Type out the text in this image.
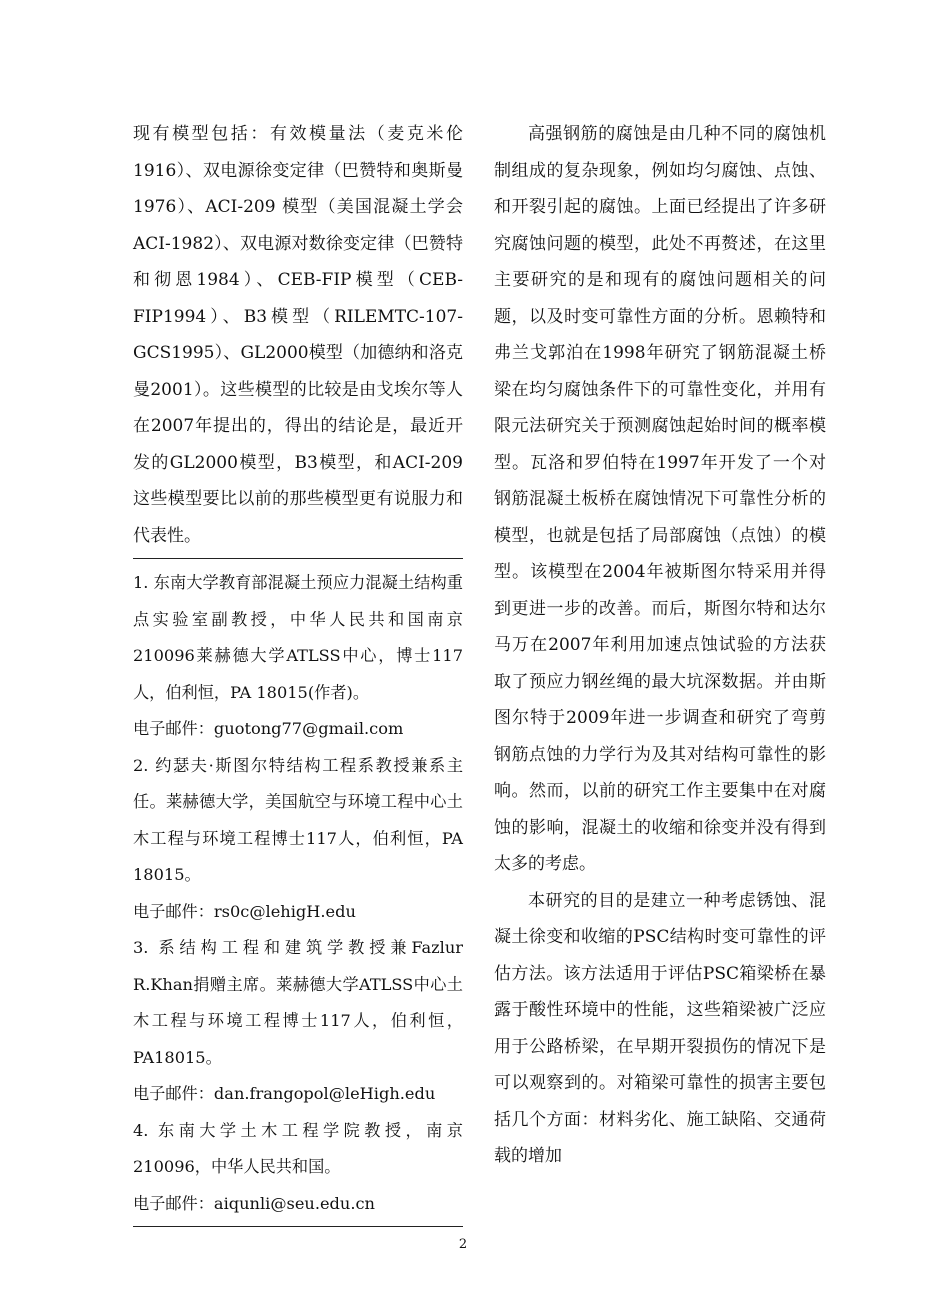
现有模型包括：有效模量法（麦克米伦1916）、双电源徐变定律（巴赞特和奥斯曼1976）、ACI-209 模型（美国混凝土学会ACI-1982）、双电源对数徐变定律（巴赞特和彻恩1984）、CEB-FIP模型（CEB-FIP1994）、B3模型（RILEMTC-107-GCS1995）、GL2000模型（加德纳和洛克曼2001）。这些模型的比较是由戈埃尔等人在2007年提出的，得出的结论是，最近开发的GL2000模型，B3模型，和ACI-209这些模型要比以前的那些模型更有说服力和代表性。

1. 东南大学教育部混凝土预应力混凝土结构重点实验室副教授，中华人民共和国南京210096莱赫德大学ATLSS中心，博士117人，伯利恒，PA 18015(作者)。

电子邮件：guotong77@gmail.com

2. 约瑟夫·斯图尔特结构工程系教授兼系主任。莱赫德大学，美国航空与环境工程中心土木工程与环境工程博士117人，伯利恒，PA 18015。

电子邮件：rs0c@lehigH.edu

3. 系结构工程和建筑学教授兼Fazlur R.Khan捐赠主席。莱赫德大学ATLSS中心土木工程与环境工程博士117人，伯利恒，PA18015。

电子邮件：dan.frangopol@leHigh.edu

4. 东南大学土木工程学院教授，南京210096，中华人民共和国。

电子邮件：aiqunli@seu.edu.cn

高强钢筋的腐蚀是由几种不同的腐蚀机制组成的复杂现象，例如均匀腐蚀、点蚀、和开裂引起的腐蚀。上面已经提出了许多研究腐蚀问题的模型，此处不再赘述，在这里主要研究的是和现有的腐蚀问题相关的问题，以及时变可靠性方面的分析。恩赖特和弗兰戈郭泊在1998年研究了钢筋混凝土桥梁在均匀腐蚀条件下的可靠性变化，并用有限元法研究关于预测腐蚀起始时间的概率模型。瓦洛和罗伯特在1997年开发了一个对钢筋混凝土板桥在腐蚀情况下可靠性分析的模型，也就是包括了局部腐蚀（点蚀）的模型。该模型在2004年被斯图尔特采用并得到更进一步的改善。而后，斯图尔特和达尔马万在2007年利用加速点蚀试验的方法获取了预应力钢丝绳的最大坑深数据。并由斯图尔特于2009年进一步调查和研究了弯剪钢筋点蚀的力学行为及其对结构可靠性的影响。然而，以前的研究工作主要集中在对腐蚀的影响，混凝土的收缩和徐变并没有得到太多的考虑。

本研究的目的是建立一种考虑锈蚀、混凝土徐变和收缩的PSC结构时变可靠性的评估方法。该方法适用于评估PSC箱梁桥在暴露于酸性环境中的性能，这些箱梁被广泛应用于公路桥梁，在早期开裂损伤的情况下是可以观察到的。对箱梁可靠性的损害主要包括几个方面：材料劣化、施工缺陷、交通荷载的增加

2
